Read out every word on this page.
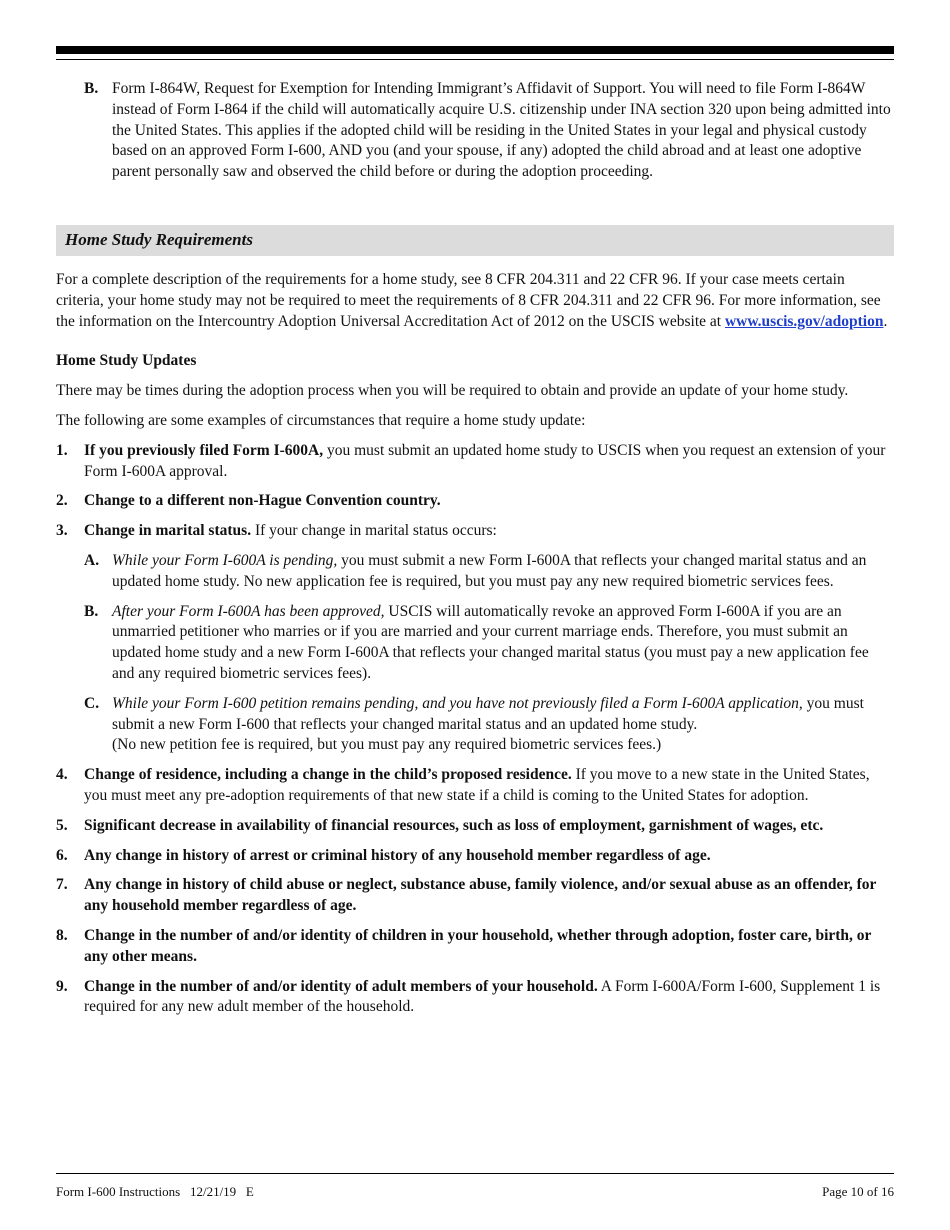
B. Form I-864W, Request for Exemption for Intending Immigrant’s Affidavit of Support. You will need to file Form I-864W instead of Form I-864 if the child will automatically acquire U.S. citizenship under INA section 320 upon being admitted into the United States. This applies if the adopted child will be residing in the United States in your legal and physical custody based on an approved Form I-600, AND you (and your spouse, if any) adopted the child abroad and at least one adoptive parent personally saw and observed the child before or during the adoption proceeding.

Home Study Requirements

For a complete description of the requirements for a home study, see 8 CFR 204.311 and 22 CFR 96. If your case meets certain criteria, your home study may not be required to meet the requirements of 8 CFR 204.311 and 22 CFR 96. For more information, see the information on the Intercountry Adoption Universal Accreditation Act of 2012 on the USCIS website at www.uscis.gov/adoption.

Home Study Updates

There may be times during the adoption process when you will be required to obtain and provide an update of your home study.

The following are some examples of circumstances that require a home study update:

1. If you previously filed Form I-600A, you must submit an updated home study to USCIS when you request an extension of your Form I-600A approval.

2. Change to a different non-Hague Convention country.

3. Change in marital status. If your change in marital status occurs:

A. While your Form I-600A is pending, you must submit a new Form I-600A that reflects your changed marital status and an updated home study. No new application fee is required, but you must pay any new required biometric services fees.

B. After your Form I-600A has been approved, USCIS will automatically revoke an approved Form I-600A if you are an unmarried petitioner who marries or if you are married and your current marriage ends. Therefore, you must submit an updated home study and a new Form I-600A that reflects your changed marital status (you must pay a new application fee and any required biometric services fees).

C. While your Form I-600 petition remains pending, and you have not previously filed a Form I-600A application, you must submit a new Form I-600 that reflects your changed marital status and an updated home study.
(No new petition fee is required, but you must pay any required biometric services fees.)

4. Change of residence, including a change in the child’s proposed residence. If you move to a new state in the United States, you must meet any pre-adoption requirements of that new state if a child is coming to the United States for adoption.

5. Significant decrease in availability of financial resources, such as loss of employment, garnishment of wages, etc.

6. Any change in history of arrest or criminal history of any household member regardless of age.

7. Any change in history of child abuse or neglect, substance abuse, family violence, and/or sexual abuse as an offender, for any household member regardless of age.

8. Change in the number of and/or identity of children in your household, whether through adoption, foster care, birth, or any other means.

9. Change in the number of and/or identity of adult members of your household. A Form I-600A/Form I-600, Supplement 1 is required for any new adult member of the household.

Form I-600 Instructions   12/21/19   E	Page 10 of 16
